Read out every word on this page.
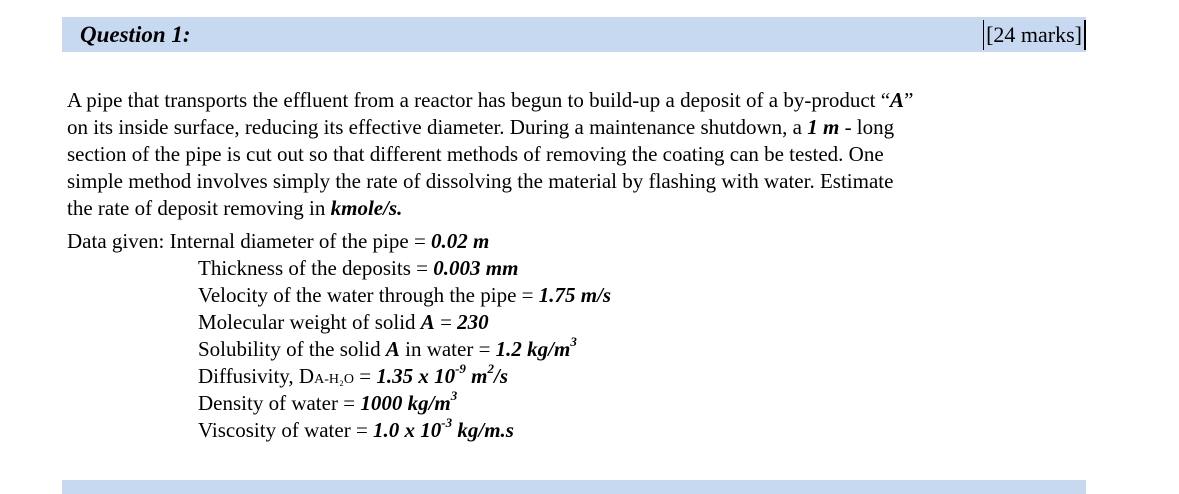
Question 1:	[24 marks]

A pipe that transports the effluent from a reactor has begun to build-up a deposit of a by-product “A”

on its inside surface, reducing its effective diameter. During a maintenance shutdown, a 1 m - long

section of the pipe is cut out so that different methods of removing the coating can be tested. One

simple method involves simply the rate of dissolving the material by flashing with water. Estimate

the rate of deposit removing in kmole/s.
Data given: Internal diameter of the pipe = 0.02 m
Thickness of the deposits = 0.003 mm
Velocity of the water through the pipe = 1.75 m/s
Molecular weight of solid A = 230
Solubility of the solid A in water = 1.2 $kg/m^3$
Diffusivity, DA-H₂O = 1.35 x $10^{-9}$ $m^2/s$
Density of water = 1000 $kg/m^3$
Viscosity of water = 1.0 x $10^{-3}$ kg/m.s
